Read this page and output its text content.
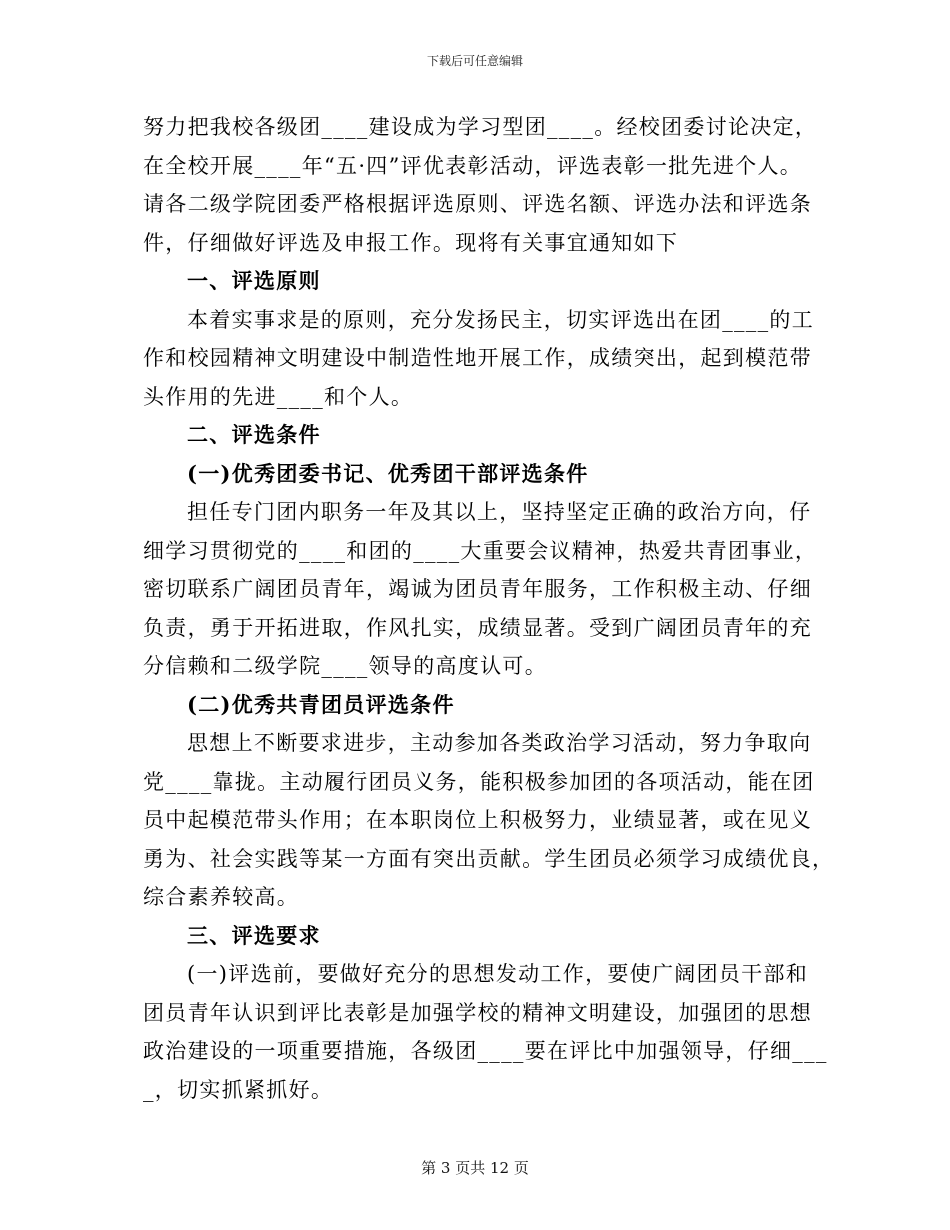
下载后可任意编辑
努力把我校各级团____建设成为学习型团____。经校团委讨论决定，
在全校开展____年“五·四”评优表彰活动，评选表彰一批先进个人。
请各二级学院团委严格根据评选原则、评选名额、评选办法和评选条
件，仔细做好评选及申报工作。现将有关事宜通知如下
一、评选原则
本着实事求是的原则，充分发扬民主，切实评选出在团____的工
作和校园精神文明建设中制造性地开展工作，成绩突出，起到模范带
头作用的先进____和个人。
二、评选条件
(一)优秀团委书记、优秀团干部评选条件
担任专门团内职务一年及其以上，坚持坚定正确的政治方向，仔
细学习贯彻党的____和团的____大重要会议精神，热爱共青团事业，
密切联系广阔团员青年，竭诚为团员青年服务，工作积极主动、仔细
负责，勇于开拓进取，作风扎实，成绩显著。受到广阔团员青年的充
分信赖和二级学院____领导的高度认可。
(二)优秀共青团员评选条件
思想上不断要求进步，主动参加各类政治学习活动，努力争取向
党____靠拢。主动履行团员义务，能积极参加团的各项活动，能在团
员中起模范带头作用；在本职岗位上积极努力，业绩显著，或在见义
勇为、社会实践等某一方面有突出贡献。学生团员必须学习成绩优良，
综合素养较高。
三、评选要求
(一)评选前，要做好充分的思想发动工作，要使广阔团员干部和
团员青年认识到评比表彰是加强学校的精神文明建设，加强团的思想
政治建设的一项重要措施，各级团____要在评比中加强领导，仔细___
_，切实抓紧抓好。
第 3 页共 12 页
